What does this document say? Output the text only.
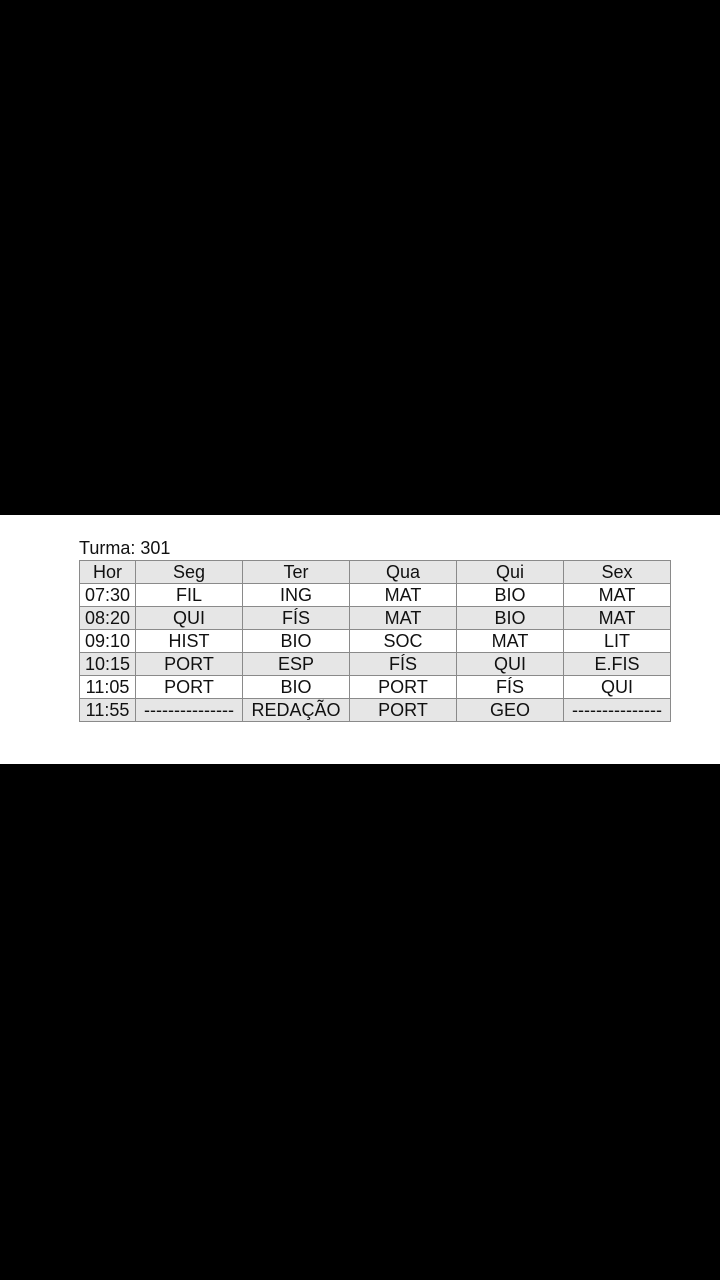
Turma: 301
Hor	Seg	Ter	Qua	Qui	Sex
07:30	FIL	ING	MAT	BIO	MAT
08:20	QUI	FÍS	MAT	BIO	MAT
09:10	HIST	BIO	SOC	MAT	LIT
10:15	PORT	ESP	FÍS	QUI	E.FIS
11:05	PORT	BIO	PORT	FÍS	QUI
11:55	---------------	REDAÇÃO	PORT	GEO	---------------
